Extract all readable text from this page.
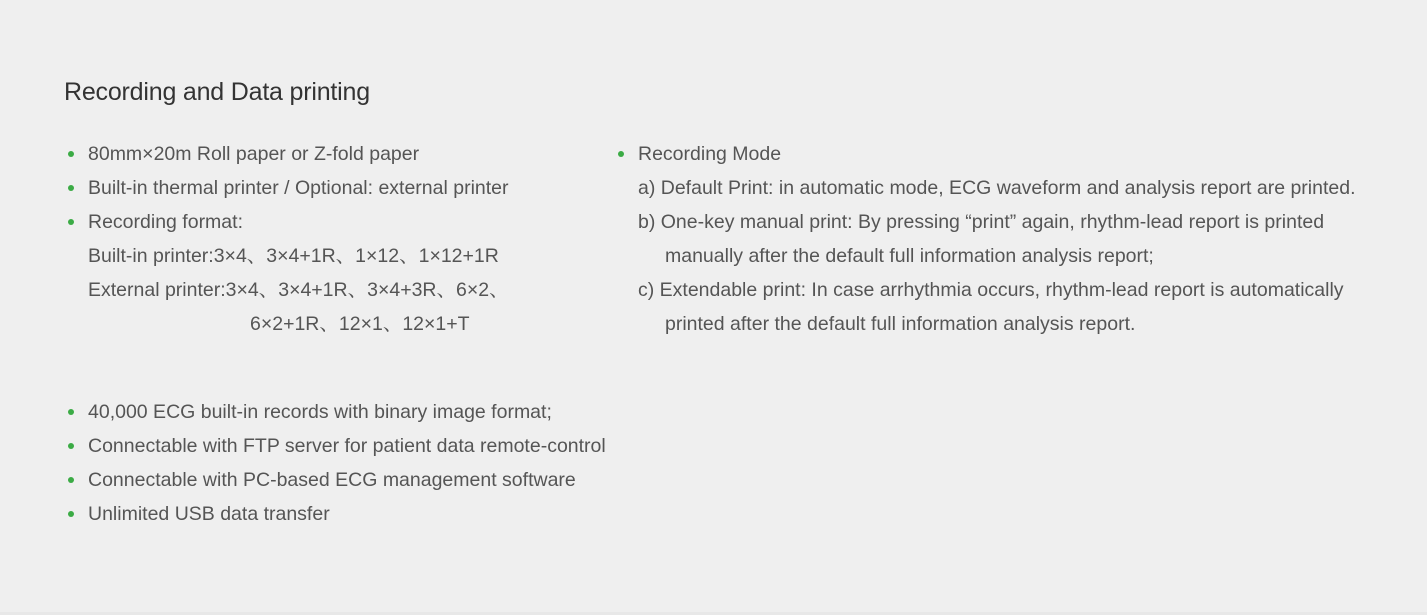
Recording and Data printing
80mm×20m Roll paper or Z-fold paper
Built-in thermal printer / Optional: external printer
Recording format:
Built-in printer:3×4、3×4+1R、1×12、1×12+1R
External printer:3×4、3×4+1R、3×4+3R、6×2、
6×2+1R、12×1、12×1+T
Recording Mode
a) Default Print: in automatic mode, ECG waveform and analysis report are printed.
b) One-key manual print: By pressing “print” again, rhythm-lead report is printed
manually after the default full information analysis report;
c) Extendable print: In case arrhythmia occurs, rhythm-lead report is automatically
printed after the default full information analysis report.
40,000 ECG built-in records with binary image format;
Connectable with FTP server for patient data remote-control
Connectable with PC-based ECG management software
Unlimited USB data transfer
